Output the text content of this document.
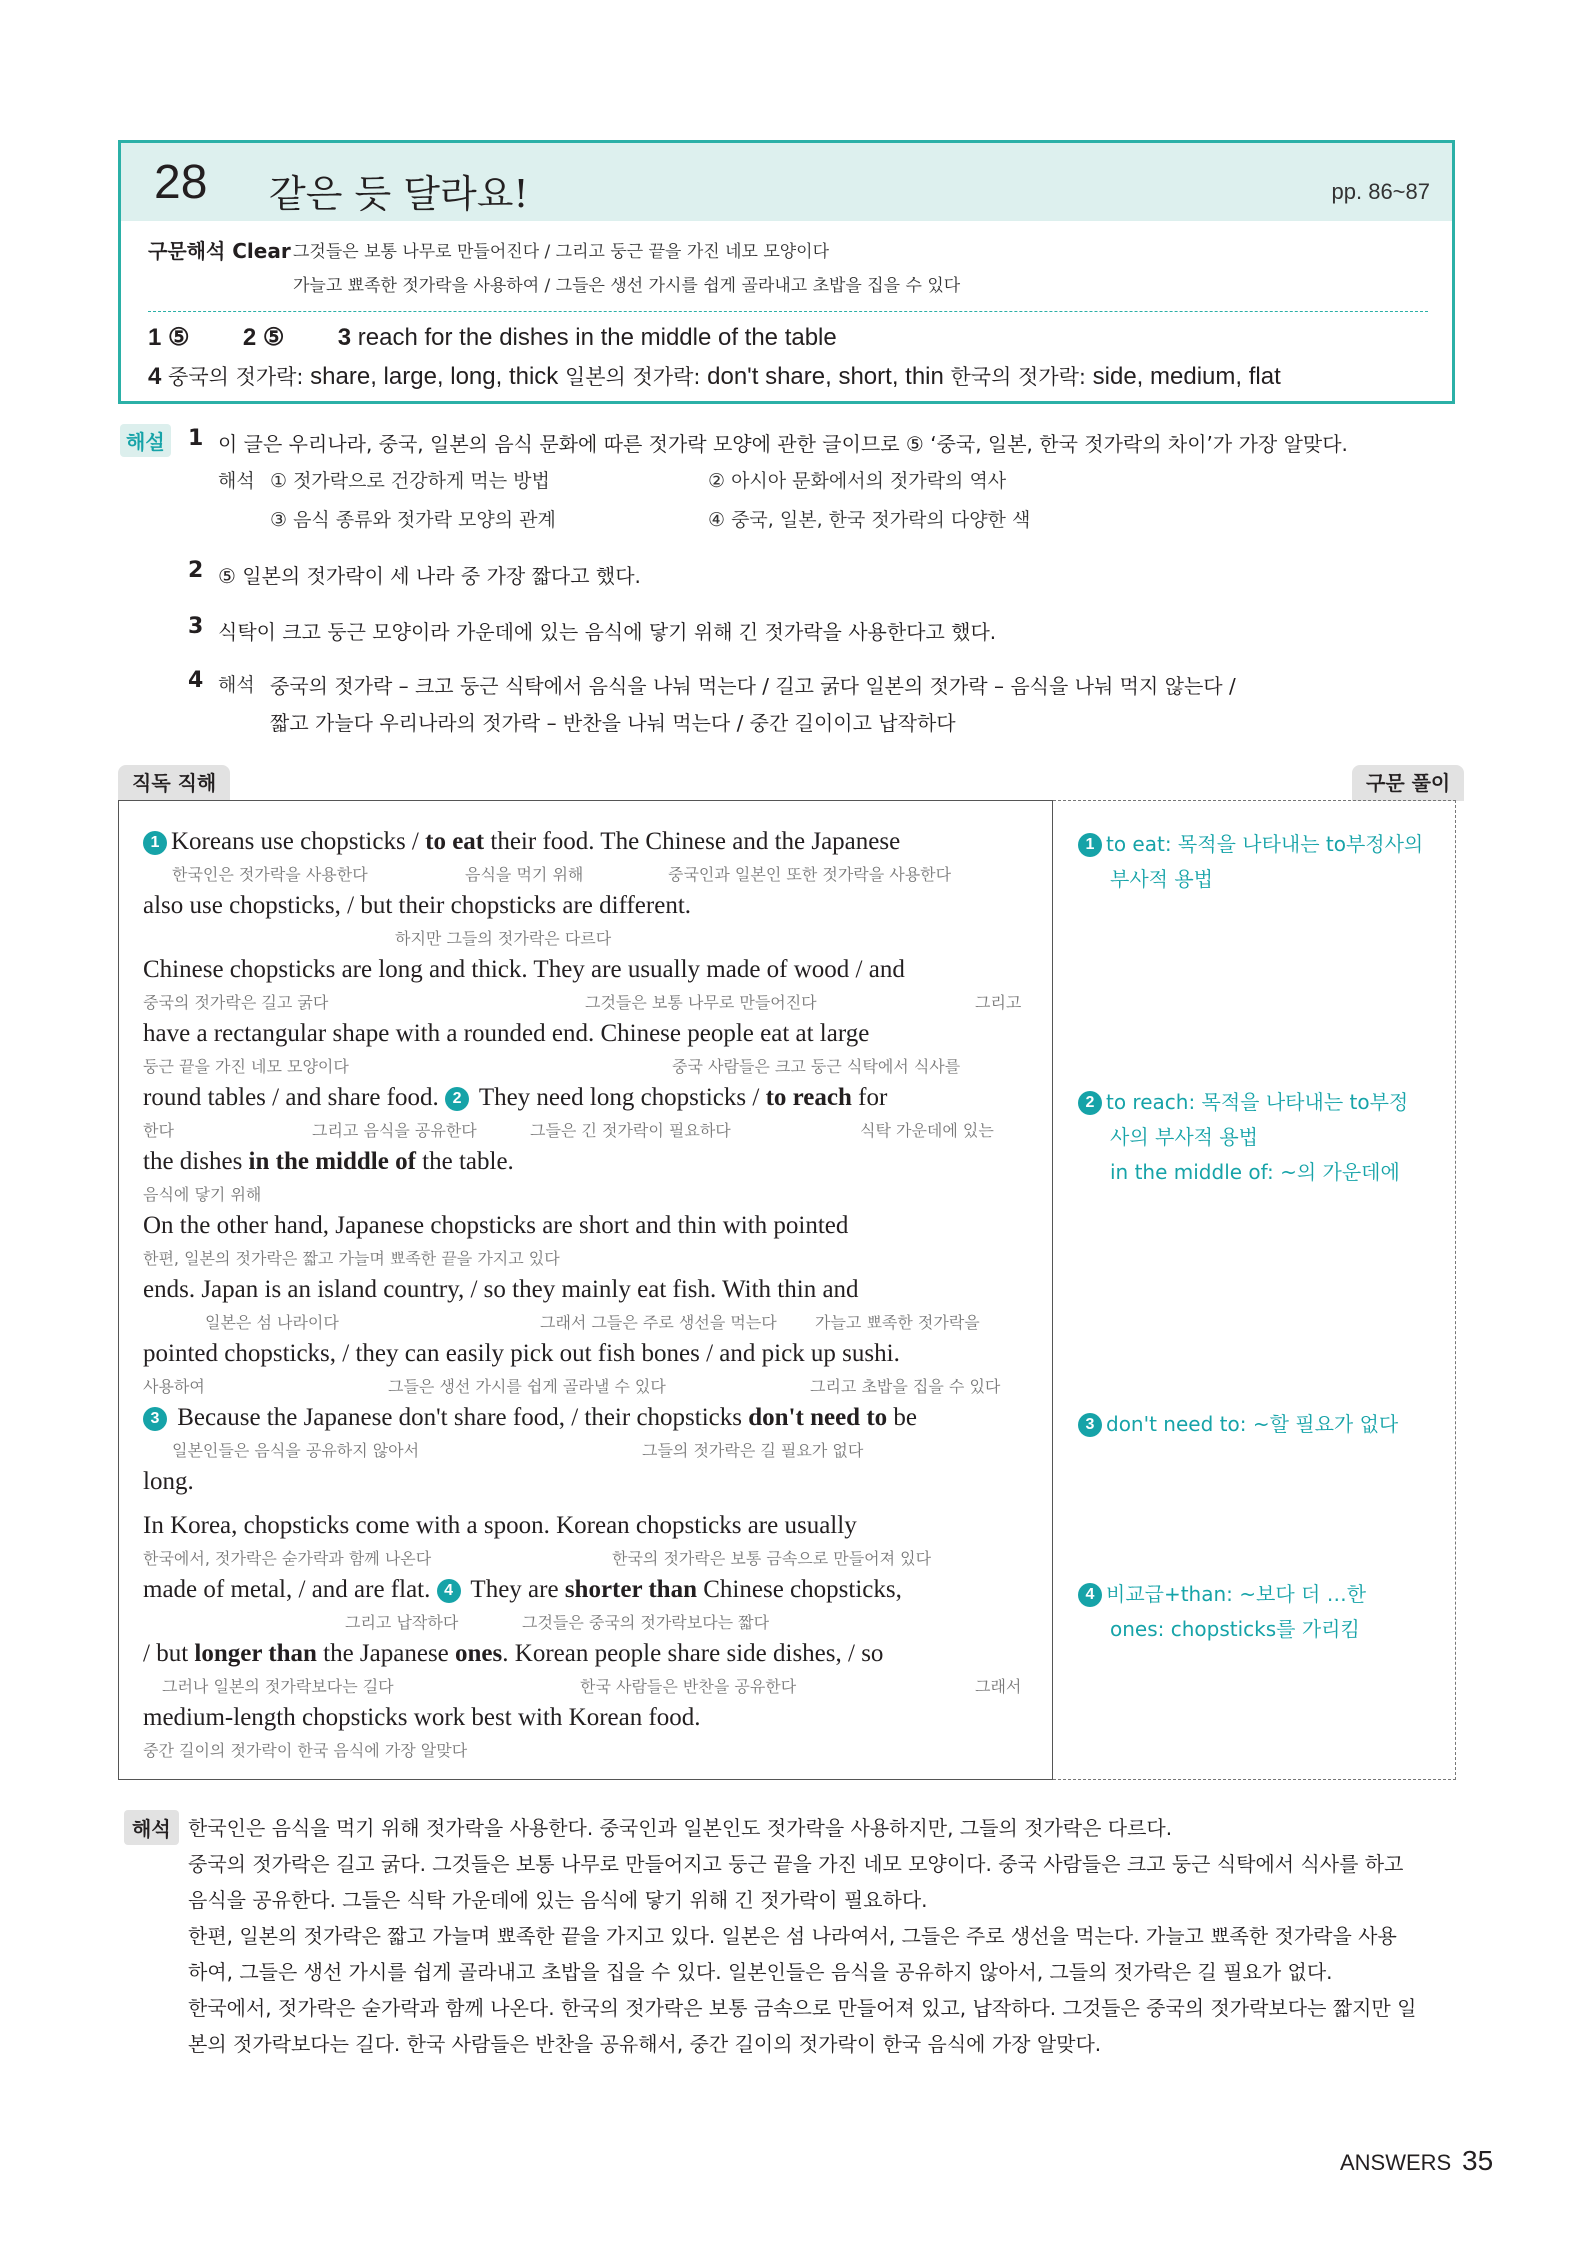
28 같은 듯 달라요!	pp. 86~87
구문해석 Clear 그것들은 보통 나무로 만들어진다 / 그리고 둥근 끝을 가진 네모 모양이다
가늘고 뾰족한 젓가락을 사용하여 / 그들은 생선 가시를 쉽게 골라내고 초밥을 집을 수 있다
1 ⑤ 2 ⑤ 3 reach for the dishes in the middle of the table
4 중국의 젓가락: share, large, long, thick 일본의 젓가락: don't share, short, thin 한국의 젓가락: side, medium, flat
해설 1 이 글은 우리나라, 중국, 일본의 음식 문화에 따른 젓가락 모양에 관한 글이므로 ⑤ ‘중국, 일본, 한국 젓가락의 차이’가 가장 알맞다.
해석 ① 젓가락으로 건강하게 먹는 방법	② 아시아 문화에서의 젓가락의 역사
③ 음식 종류와 젓가락 모양의 관계	④ 중국, 일본, 한국 젓가락의 다양한 색
2 ⑤ 일본의 젓가락이 세 나라 중 가장 짧다고 했다.
3 식탁이 크고 둥근 모양이라 가운데에 있는 음식에 닿기 위해 긴 젓가락을 사용한다고 했다.
4 해석 중국의 젓가락 – 크고 둥근 식탁에서 음식을 나눠 먹는다 / 길고 굵다 일본의 젓가락 – 음식을 나눠 먹지 않는다 /
짧고 가늘다 우리나라의 젓가락 – 반찬을 나눠 먹는다 / 중간 길이이고 납작하다
직독 직해	구문 풀이
1 Koreans use chopsticks / to eat their food. The Chinese and the Japanese
한국인은 젓가락을 사용한다	음식을 먹기 위해	중국인과 일본인 또한 젓가락을 사용한다
also use chopsticks, / but their chopsticks are different.
하지만 그들의 젓가락은 다르다
Chinese chopsticks are long and thick. They are usually made of wood / and
중국의 젓가락은 길고 굵다	그것들은 보통 나무로 만들어진다	그리고
have a rectangular shape with a rounded end. Chinese people eat at large
둥근 끝을 가진 네모 모양이다	중국 사람들은 크고 둥근 식탁에서 식사를
round tables / and share food. 2 They need long chopsticks / to reach for
한다	그리고 음식을 공유한다	그들은 긴 젓가락이 필요하다	식탁 가운데에 있는
the dishes in the middle of the table.
음식에 닿기 위해
On the other hand, Japanese chopsticks are short and thin with pointed
한편, 일본의 젓가락은 짧고 가늘며 뾰족한 끝을 가지고 있다
ends. Japan is an island country, / so they mainly eat fish. With thin and
일본은 섬 나라이다	그래서 그들은 주로 생선을 먹는다 가늘고 뾰족한 젓가락을
pointed chopsticks, / they can easily pick out fish bones / and pick up sushi.
사용하여	그들은 생선 가시를 쉽게 골라낼 수 있다	그리고 초밥을 집을 수 있다
3 Because the Japanese don't share food, / their chopsticks don't need to be
일본인들은 음식을 공유하지 않아서	그들의 젓가락은 길 필요가 없다
long.
In Korea, chopsticks come with a spoon. Korean chopsticks are usually
한국에서, 젓가락은 숟가락과 함께 나온다	한국의 젓가락은 보통 금속으로 만들어져 있다
made of metal, / and are flat. 4 They are shorter than Chinese chopsticks,
그리고 납작하다	그것들은 중국의 젓가락보다는 짧다
/ but longer than the Japanese ones. Korean people share side dishes, / so
그러나 일본의 젓가락보다는 길다	한국 사람들은 반찬을 공유한다	그래서
medium-length chopsticks work best with Korean food.
중간 길이의 젓가락이 한국 음식에 가장 알맞다
1 to eat: 목적을 나타내는 to부정사의
부사적 용법
2 to reach: 목적을 나타내는 to부정
사의 부사적 용법
in the middle of: ~의 가운데에
3 don't need to: ~할 필요가 없다
4 비교급+than: ~보다 더 …한
ones: chopsticks를 가리킴
해석 한국인은 음식을 먹기 위해 젓가락을 사용한다. 중국인과 일본인도 젓가락을 사용하지만, 그들의 젓가락은 다르다.
중국의 젓가락은 길고 굵다. 그것들은 보통 나무로 만들어지고 둥근 끝을 가진 네모 모양이다. 중국 사람들은 크고 둥근 식탁에서 식사를 하고
음식을 공유한다. 그들은 식탁 가운데에 있는 음식에 닿기 위해 긴 젓가락이 필요하다.
한편, 일본의 젓가락은 짧고 가늘며 뾰족한 끝을 가지고 있다. 일본은 섬 나라여서, 그들은 주로 생선을 먹는다. 가늘고 뾰족한 젓가락을 사용
하여, 그들은 생선 가시를 쉽게 골라내고 초밥을 집을 수 있다. 일본인들은 음식을 공유하지 않아서, 그들의 젓가락은 길 필요가 없다.
한국에서, 젓가락은 숟가락과 함께 나온다. 한국의 젓가락은 보통 금속으로 만들어져 있고, 납작하다. 그것들은 중국의 젓가락보다는 짧지만 일
본의 젓가락보다는 길다. 한국 사람들은 반찬을 공유해서, 중간 길이의 젓가락이 한국 음식에 가장 알맞다.
ANSWERS 35
